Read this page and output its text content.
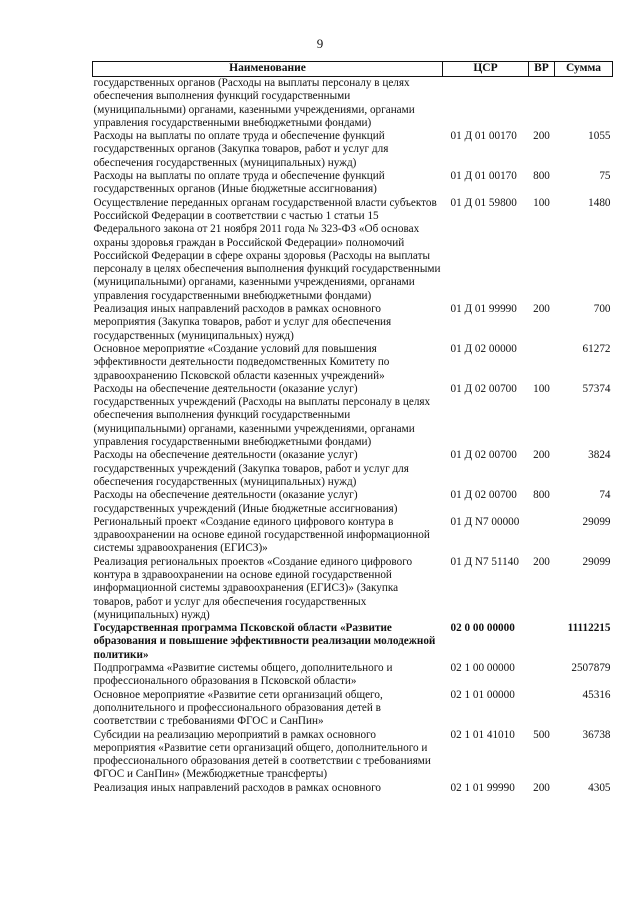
9
Наименование	ЦСР	ВР	Сумма
государственных органов (Расходы на выплаты персоналу в целях обеспечения выполнения функций государственными (муниципальными) органами, казенными учреждениями, органами управления государственными внебюджетными фондами)			
Расходы на выплаты по оплате труда и обеспечение функций государственных органов (Закупка товаров, работ и услуг для обеспечения государственных (муниципальных) нужд)	01 Д 01 00170	200	1055
Расходы на выплаты по оплате труда и обеспечение функций государственных органов (Иные бюджетные ассигнования)	01 Д 01 00170	800	75
Осуществление переданных органам государственной власти субъектов Российской Федерации в соответствии с частью 1 статьи 15 Федерального закона от 21 ноября 2011 года № 323-ФЗ «Об основах охраны здоровья граждан в Российской Федерации» полномочий Российской Федерации в сфере охраны здоровья (Расходы на выплаты персоналу в целях обеспечения выполнения функций государственными (муниципальными) органами, казенными учреждениями, органами управления государственными внебюджетными фондами)	01 Д 01 59800	100	1480
Реализация иных направлений расходов в рамках основного мероприятия (Закупка товаров, работ и услуг для обеспечения государственных (муниципальных) нужд)	01 Д 01 99990	200	700
Основное мероприятие «Создание условий для повышения эффективности деятельности подведомственных Комитету по здравоохранению Псковской области казенных учреждений»	01 Д 02 00000		61272
Расходы на обеспечение деятельности (оказание услуг) государственных учреждений (Расходы на выплаты персоналу в целях обеспечения выполнения функций государственными (муниципальными) органами, казенными учреждениями, органами управления государственными внебюджетными фондами)	01 Д 02 00700	100	57374
Расходы на обеспечение деятельности (оказание услуг) государственных учреждений (Закупка товаров, работ и услуг для обеспечения государственных (муниципальных) нужд)	01 Д 02 00700	200	3824
Расходы на обеспечение деятельности (оказание услуг) государственных учреждений (Иные бюджетные ассигнования)	01 Д 02 00700	800	74
Региональный проект «Создание единого цифрового контура в здравоохранении на основе единой государственной информационной системы здравоохранения (ЕГИСЗ)»	01 Д N7 00000		29099
Реализация региональных проектов «Создание единого цифрового контура в здравоохранении на основе единой государственной информационной системы здравоохранения (ЕГИСЗ)» (Закупка товаров, работ и услуг для обеспечения государственных (муниципальных) нужд)	01 Д N7 51140	200	29099
Государственная программа Псковской области «Развитие образования и повышение эффективности реализации молодежной политики»	02 0 00 00000		11112215
Подпрограмма «Развитие системы общего, дополнительного и профессионального образования в Псковской области»	02 1 00 00000		2507879
Основное мероприятие «Развитие сети организаций общего, дополнительного и профессионального образования детей в соответствии с требованиями ФГОС и СанПин»	02 1 01 00000		45316
Субсидии на реализацию мероприятий в рамках основного мероприятия «Развитие сети организаций общего, дополнительного и профессионального образования детей в соответствии с требованиями ФГОС и СанПин» (Межбюджетные трансферты)	02 1 01 41010	500	36738
Реализация иных направлений расходов в рамках основного	02 1 01 99990	200	4305
